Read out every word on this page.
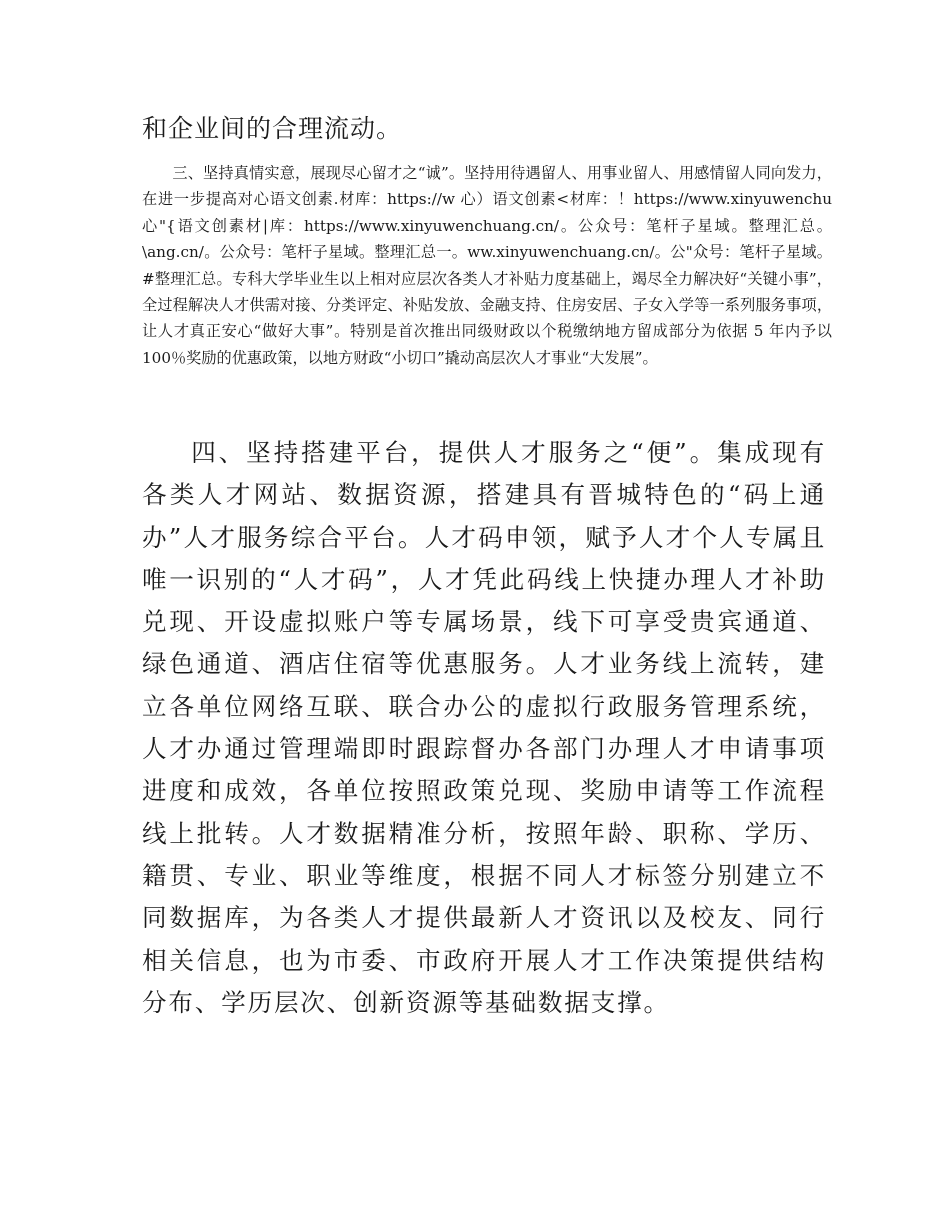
和企业间的合理流动。

三、坚持真情实意，展现尽心留才之“诚”。坚持用待遇留人、用事业留人、用感情留人同向发力，在进一步提高对心语文创素.材库：https://w 心）语文创素<材库：！https://www.xinyuwenchu 心"{语文创素材|库：https://www.xinyuwenchuang.cn/。公众号：笔杆子星域。整理汇总。\ang.cn/。公众号：笔杆子星域。整理汇总一。ww.xinyuwenchuang.cn/。公"众号：笔杆子星域。#整理汇总。专科大学毕业生以上相对应层次各类人才补贴力度基础上，竭尽全力解决好“关键小事”，全过程解决人才供需对接、分类评定、补贴发放、金融支持、住房安居、子女入学等一系列服务事项，让人才真正安心“做好大事”。特别是首次推出同级财政以个税缴纳地方留成部分为依据 5 年内予以 100％奖励的优惠政策，以地方财政“小切口”撬动高层次人才事业“大发展”。

四、坚持搭建平台，提供人才服务之“便”。集成现有各类人才网站、数据资源，搭建具有晋城特色的“码上通办”人才服务综合平台。人才码申领，赋予人才个人专属且唯一识别的“人才码”，人才凭此码线上快捷办理人才补助兑现、开设虚拟账户等专属场景，线下可享受贵宾通道、绿色通道、酒店住宿等优惠服务。人才业务线上流转，建立各单位网络互联、联合办公的虚拟行政服务管理系统，人才办通过管理端即时跟踪督办各部门办理人才申请事项进度和成效，各单位按照政策兑现、奖励申请等工作流程线上批转。人才数据精准分析，按照年龄、职称、学历、籍贯、专业、职业等维度，根据不同人才标签分别建立不同数据库，为各类人才提供最新人才资讯以及校友、同行相关信息，也为市委、市政府开展人才工作决策提供结构分布、学历层次、创新资源等基础数据支撑。
